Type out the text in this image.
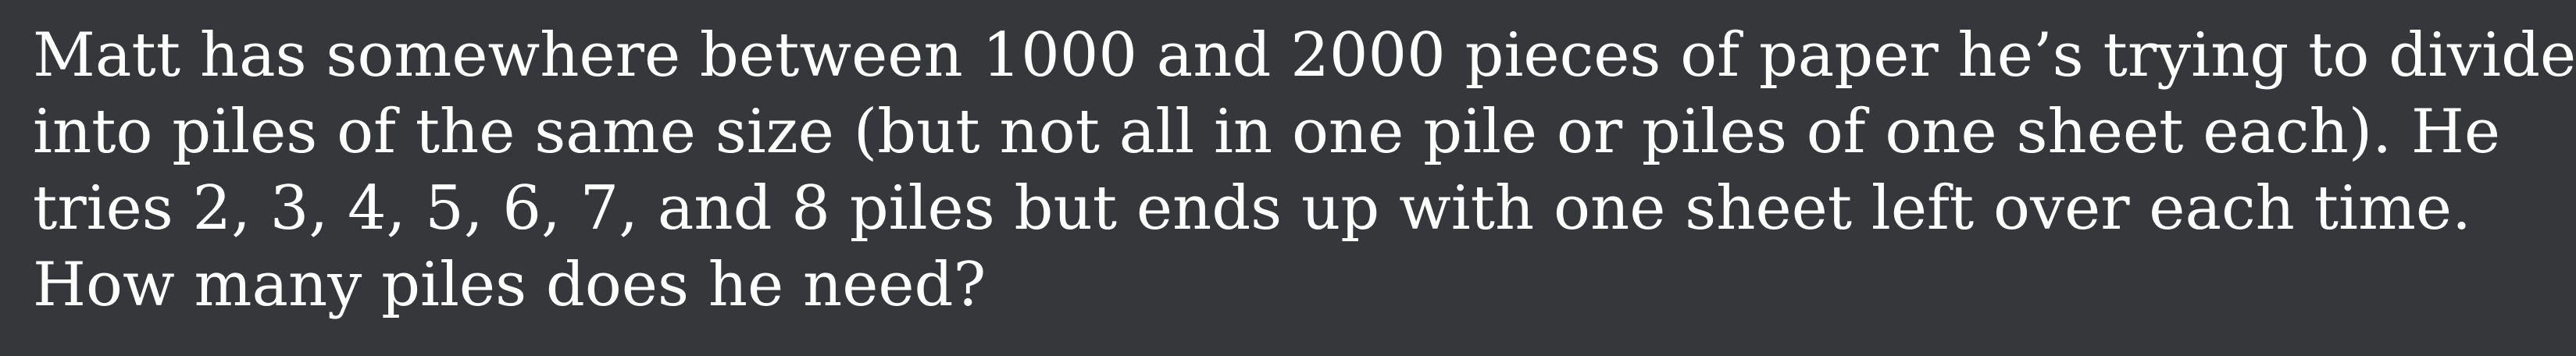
Matt has somewhere between 1000 and 2000 pieces of paper he’s trying to divide
into piles of the same size (but not all in one pile or piles of one sheet each). He
tries 2, 3, 4, 5, 6, 7, and 8 piles but ends up with one sheet left over each time.
How many piles does he need?
